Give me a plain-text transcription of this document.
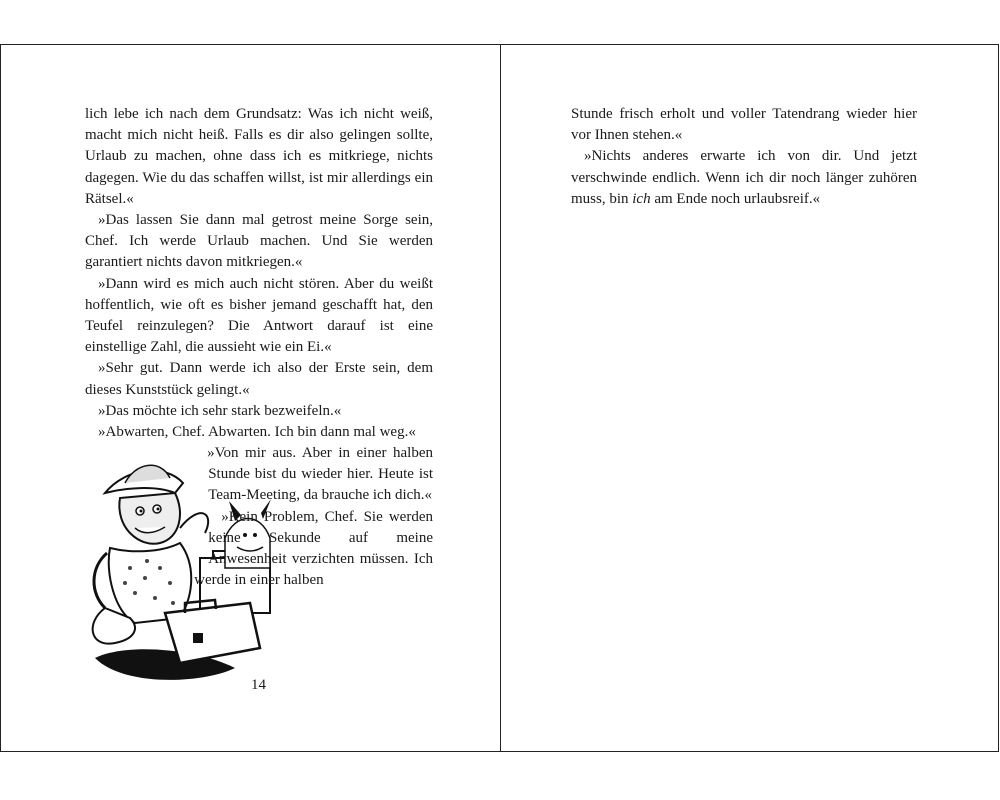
lich lebe ich nach dem Grundsatz: Was ich nicht weiß, macht mich nicht heiß. Falls es dir also gelingen sollte, Urlaub zu machen, ohne dass ich es mitkriege, nichts dagegen. Wie du das schaffen willst, ist mir allerdings ein Rätsel.«

»Das lassen Sie dann mal getrost meine Sorge sein, Chef. Ich werde Urlaub machen. Und Sie werden garantiert nichts davon mitkriegen.«

»Dann wird es mich auch nicht stören. Aber du weißt hoffentlich, wie oft es bisher jemand geschafft hat, den Teufel reinzulegen? Die Antwort darauf ist eine einstellige Zahl, die aussieht wie ein Ei.«

»Sehr gut. Dann werde ich also der Erste sein, dem dieses Kunststück gelingt.«

»Das möchte ich sehr stark bezweifeln.«

»Abwarten, Chef. Abwarten. Ich bin dann mal weg.«

»Von mir aus. Aber in einer halben Stunde bist du wieder hier. Heute ist Team-Meeting, da brauche ich dich.«

»Kein Problem, Chef. Sie werden keine Sekunde auf meine Anwesenheit verzichten müssen. Ich werde in einer halben

14

Stunde frisch erholt und voller Tatendrang wieder hier vor Ihnen stehen.«

»Nichts anderes erwarte ich von dir. Und jetzt verschwinde endlich. Wenn ich dir noch länger zuhören muss, bin ich am Ende noch urlaubsreif.«
